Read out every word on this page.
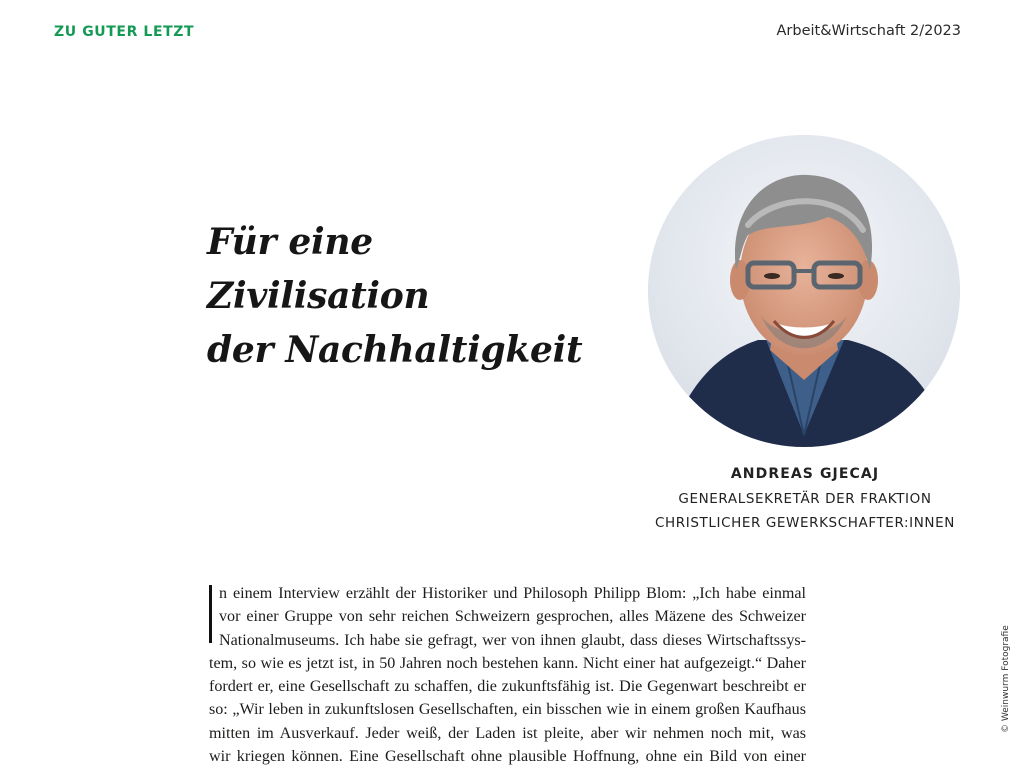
ZU GUTER LETZT	Arbeit&Wirtschaft 2/2023
Für eine
Zivilisation
der Nachhaltigkeit
ANDREAS GJECAJ
GENERALSEKRETÄR DER FRAKTION
CHRISTLICHER GEWERKSCHAFTER:INNEN

n einem Interview erzählt der Historiker und Philosoph Philipp Blom: „Ich habe einmal

vor einer Gruppe von sehr reichen Schweizern gesprochen, alles Mäzene des Schweizer

Nationalmuseums. Ich habe sie gefragt, wer von ihnen glaubt, dass dieses Wirtschaftssys-

tem, so wie es jetzt ist, in 50 Jahren noch bestehen kann. Nicht einer hat aufgezeigt.“ Daher

fordert er, eine Gesellschaft zu schaffen, die zukunftsfähig ist. Die Gegenwart beschreibt er

so: „Wir leben in zukunftslosen Gesellschaften, ein bisschen wie in einem großen Kaufhaus

mitten im Ausverkauf. Jeder weiß, der Laden ist pleite, aber wir nehmen noch mit, was

wir kriegen können. Eine Gesellschaft ohne plausible Hoffnung, ohne ein Bild von einer

© Weinwurm Fotografie
